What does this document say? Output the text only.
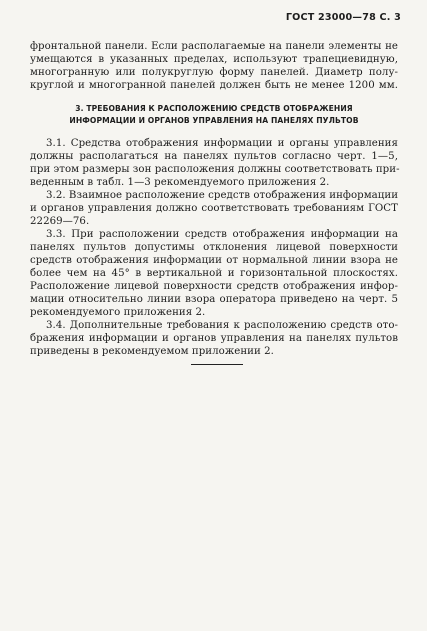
ГОСТ 23000—78 С. 3
фронтальной панели. Если располагаемые на панели элементы не
умещаются в указанных пределах, используют трапециевидную,
многогранную или полукруглую форму панелей. Диаметр полу-
круглой и многогранной панелей должен быть не менее 1200 мм.
3. ТРЕБОВАНИЯ К РАСПОЛОЖЕНИЮ СРЕДСТВ ОТОБРАЖЕНИЯ
ИНФОРМАЦИИ И ОРГАНОВ УПРАВЛЕНИЯ НА ПАНЕЛЯХ ПУЛЬТОВ
3.1. Средства отображения информации и органы управления
должны располагаться на панелях пультов согласно черт. 1—5,
при этом размеры зон расположения должны соответствовать при-
веденным в табл. 1—3 рекомендуемого приложения 2.
3.2. Взаимное расположение средств отображения информации
и органов управления должно соответствовать требованиям ГОСТ
22269—76.
3.3. При расположении средств отображения информации на
панелях пультов допустимы отклонения лицевой поверхности
средств отображения информации от нормальной линии взора не
более чем на 45° в вертикальной и горизонтальной плоскостях.
Расположение лицевой поверхности средств отображения инфор-
мации относительно линии взора оператора приведено на черт. 5
рекомендуемого приложения 2.
3.4. Дополнительные требования к расположению средств ото-
бражения информации и органов управления на панелях пультов
приведены в рекомендуемом приложении 2.
